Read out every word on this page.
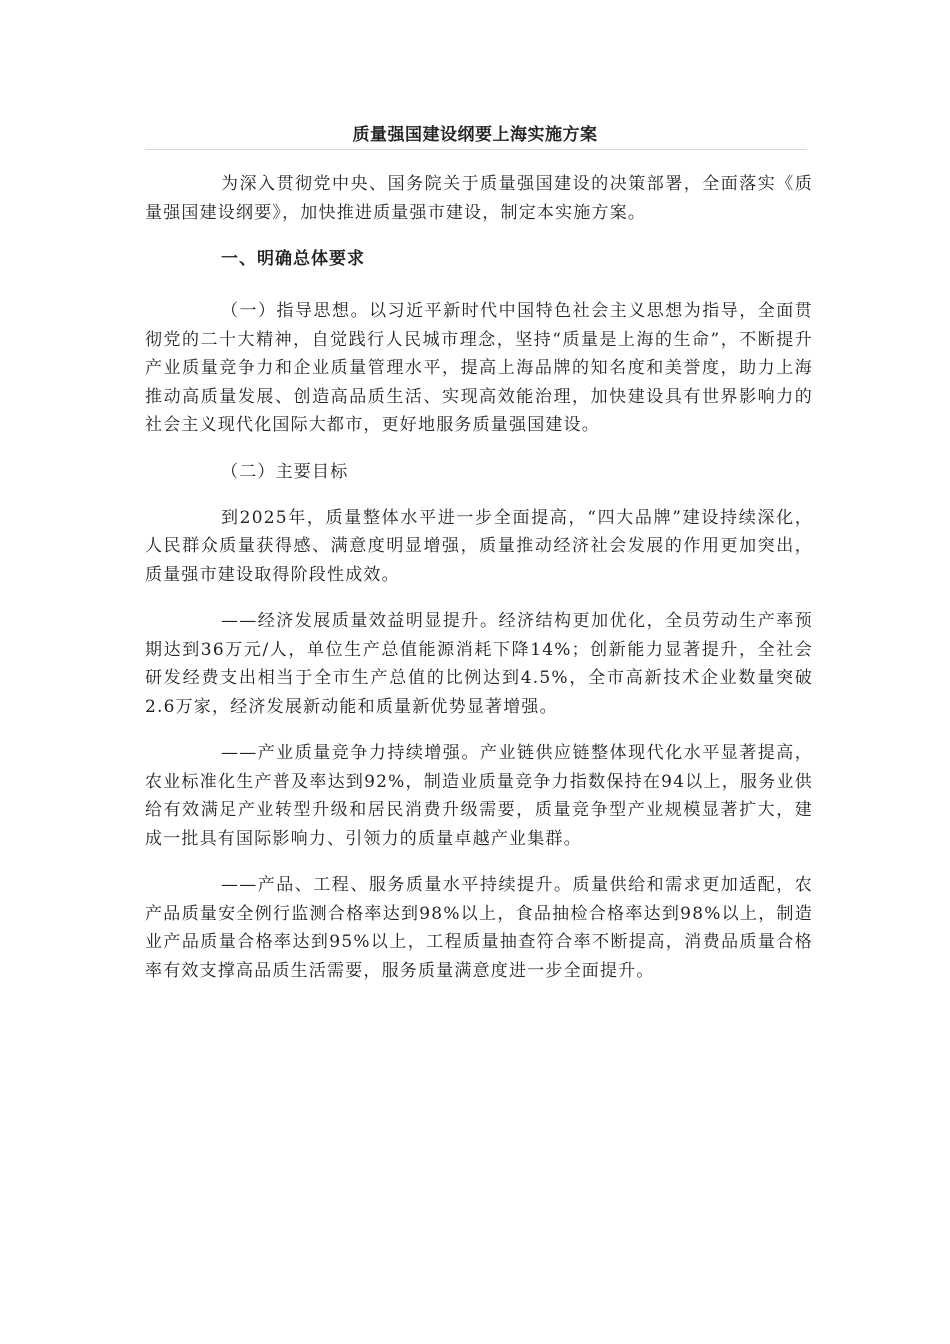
质量强国建设纲要上海实施方案

为深入贯彻党中央、国务院关于质量强国建设的决策部署，全面落实《质量强国建设纲要》，加快推进质量强市建设，制定本实施方案。

一、明确总体要求

（一）指导思想。以习近平新时代中国特色社会主义思想为指导，全面贯彻党的二十大精神，自觉践行人民城市理念，坚持“质量是上海的生命”，不断提升产业质量竞争力和企业质量管理水平，提高上海品牌的知名度和美誉度，助力上海推动高质量发展、创造高品质生活、实现高效能治理，加快建设具有世界影响力的社会主义现代化国际大都市，更好地服务质量强国建设。

（二）主要目标

到2025年，质量整体水平进一步全面提高，“四大品牌”建设持续深化，人民群众质量获得感、满意度明显增强，质量推动经济社会发展的作用更加突出，质量强市建设取得阶段性成效。

——经济发展质量效益明显提升。经济结构更加优化，全员劳动生产率预期达到36万元/人，单位生产总值能源消耗下降14%；创新能力显著提升，全社会研发经费支出相当于全市生产总值的比例达到4.5%，全市高新技术企业数量突破2.6万家，经济发展新动能和质量新优势显著增强。

——产业质量竞争力持续增强。产业链供应链整体现代化水平显著提高，农业标准化生产普及率达到92%，制造业质量竞争力指数保持在94以上，服务业供给有效满足产业转型升级和居民消费升级需要，质量竞争型产业规模显著扩大，建成一批具有国际影响力、引领力的质量卓越产业集群。

——产品、工程、服务质量水平持续提升。质量供给和需求更加适配，农产品质量安全例行监测合格率达到98%以上，食品抽检合格率达到98%以上，制造业产品质量合格率达到95%以上，工程质量抽查符合率不断提高，消费品质量合格率有效支撑高品质生活需要，服务质量满意度进一步全面提升。
